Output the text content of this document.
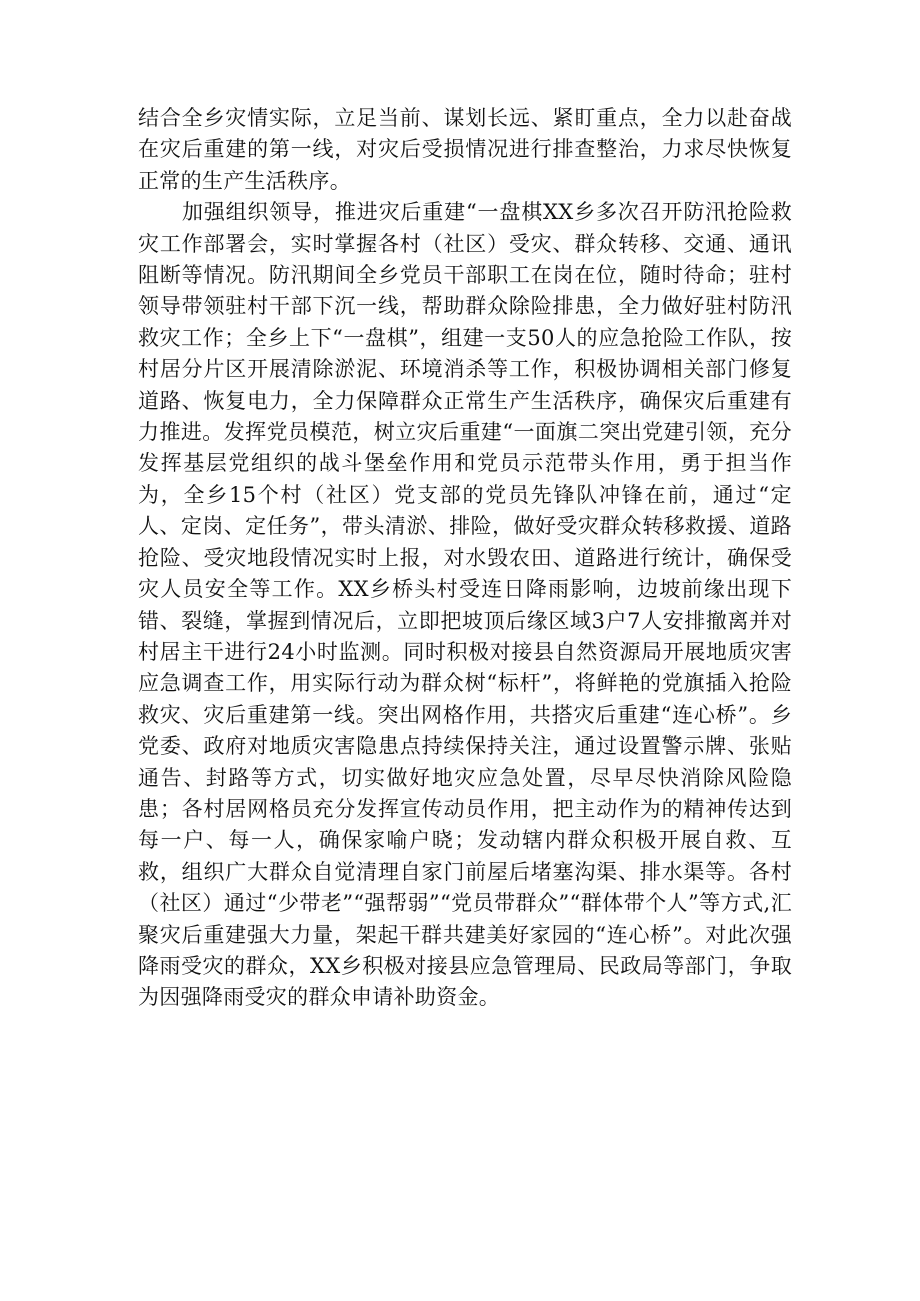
结合全乡灾情实际，立足当前、谋划长远、紧盯重点，全力以赴奋战在灾后重建的第一线，对灾后受损情况进行排查整治，力求尽快恢复正常的生产生活秩序。

加强组织领导，推进灾后重建“一盘棋XX乡多次召开防汛抢险救灾工作部署会，实时掌握各村（社区）受灾、群众转移、交通、通讯阻断等情况。防汛期间全乡党员干部职工在岗在位，随时待命；驻村领导带领驻村干部下沉一线，帮助群众除险排患，全力做好驻村防汛救灾工作；全乡上下“一盘棋”，组建一支50人的应急抢险工作队，按村居分片区开展清除淤泥、环境消杀等工作，积极协调相关部门修复道路、恢复电力，全力保障群众正常生产生活秩序，确保灾后重建有力推进。发挥党员模范，树立灾后重建“一面旗二突出党建引领，充分发挥基层党组织的战斗堡垒作用和党员示范带头作用，勇于担当作为，全乡15个村（社区）党支部的党员先锋队冲锋在前，通过“定人、定岗、定任务”，带头清淤、排险，做好受灾群众转移救援、道路抢险、受灾地段情况实时上报，对水毁农田、道路进行统计，确保受灾人员安全等工作。XX乡桥头村受连日降雨影响，边坡前缘出现下错、裂缝，掌握到情况后，立即把坡顶后缘区域3户7人安排撤离并对村居主干进行24小时监测。同时积极对接县自然资源局开展地质灾害应急调查工作，用实际行动为群众树“标杆”，将鲜艳的党旗插入抢险救灾、灾后重建第一线。突出网格作用，共搭灾后重建“连心桥”。乡党委、政府对地质灾害隐患点持续保持关注，通过设置警示牌、张贴通告、封路等方式，切实做好地灾应急处置，尽早尽快消除风险隐患；各村居网格员充分发挥宣传动员作用，把主动作为的精神传达到每一户、每一人，确保家喻户晓；发动辖内群众积极开展自救、互救，组织广大群众自觉清理自家门前屋后堵塞沟渠、排水渠等。各村（社区）通过“少带老”“强帮弱”“党员带群众”“群体带个人”等方式,汇聚灾后重建强大力量，架起干群共建美好家园的“连心桥”。对此次强降雨受灾的群众，XX乡积极对接县应急管理局、民政局等部门，争取为因强降雨受灾的群众申请补助资金。
